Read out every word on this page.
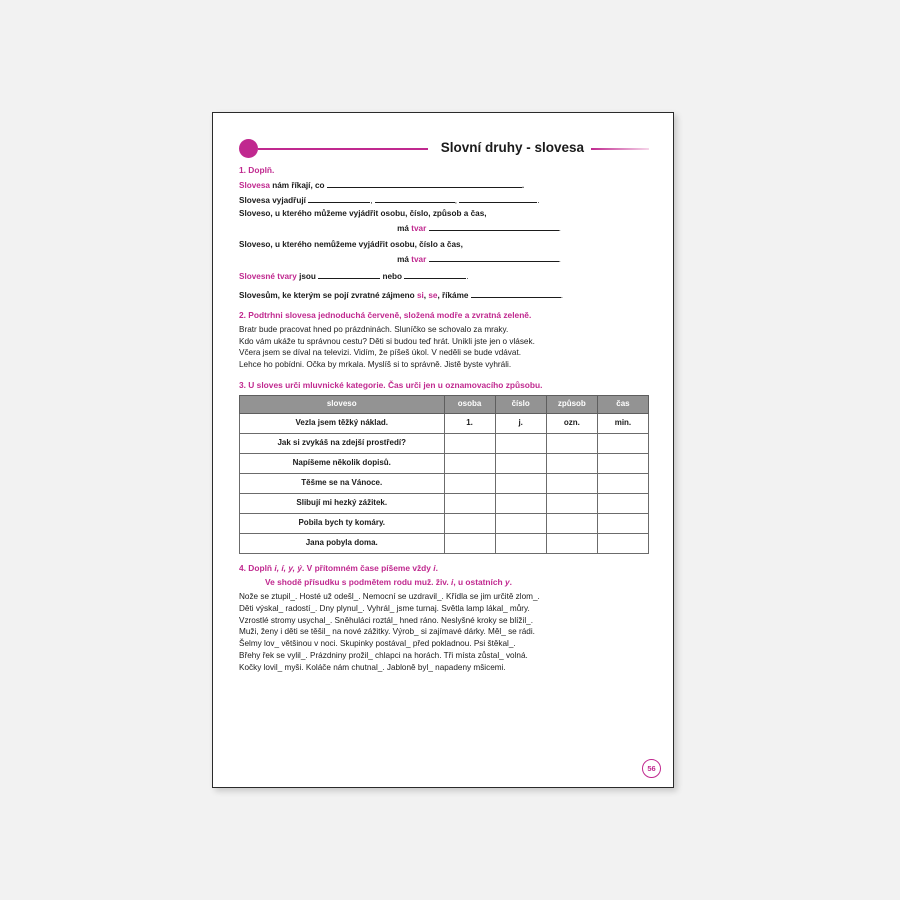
Slovní druhy - slovesa
1. Doplň.
Slovesa nám říkají, co	.
Slovesa vyjadřují	,	,	.
Sloveso, u kterého můžeme vyjádřit osobu, číslo, způsob a čas,
má tvar	.
Sloveso, u kterého nemůžeme vyjádřit osobu, číslo a čas,
má tvar	.
Slovesné tvary jsou	nebo	.
Slovesům, ke kterým se pojí zvratné zájmeno si, se, říkáme	.
2. Podtrhni slovesa jednoduchá červeně, složená modře a zvratná zeleně.
Bratr bude pracovat hned po prázdninách. Sluníčko se schovalo za mraky.
Kdo vám ukáže tu správnou cestu? Děti si budou teď hrát. Unikli jste jen o vlásek.
Včera jsem se díval na televizi. Vidím, že píšeš úkol. V neděli se bude vdávat.
Lehce ho pobídni. Očka by mrkala. Myslíš si to správně. Jistě byste vyhráli.
3. U sloves urči mluvnické kategorie. Čas urči jen u oznamovacího způsobu.
sloveso	osoba	číslo	způsob	čas
Vezla jsem těžký náklad.	1.	j.	ozn.	min.
Jak si zvykáš na zdejší prostředí?				
Napíšeme několik dopisů.				
Těšme se na Vánoce.				
Slibují mi hezký zážitek.				
Pobila bych ty komáry.				
Jana pobyla doma.				
4. Doplň i, í, y, ý. V přítomném čase píšeme vždy i.
Ve shodě přísudku s podmětem rodu muž. živ. i, u ostatních y.
Nože se ztupil_. Hosté už odešl_. Nemocní se uzdravil_. Křídla se jim určitě zlom_.
Děti výskal_ radostí_. Dny plynul_. Vyhrál_ jsme turnaj. Světla lamp lákal_ můry.
Vzrostlé stromy usychal_. Sněhuláci roztál_ hned ráno. Neslyšné kroky se blížil_.
Muži, ženy i děti se těšil_ na nové zážitky. Výrob_ si zajímavé dárky. Měl_ se rádi.
Šelmy lov_ většinou v noci. Skupinky postával_ před pokladnou. Psi štěkal_.
Břehy řek se vylil_. Prázdniny prožil_ chlapci na horách. Tři místa zůstal_ volná.
Kočky lovil_ myši. Koláče nám chutnal_. Jabloně byl_ napadeny mšicemi.
56
